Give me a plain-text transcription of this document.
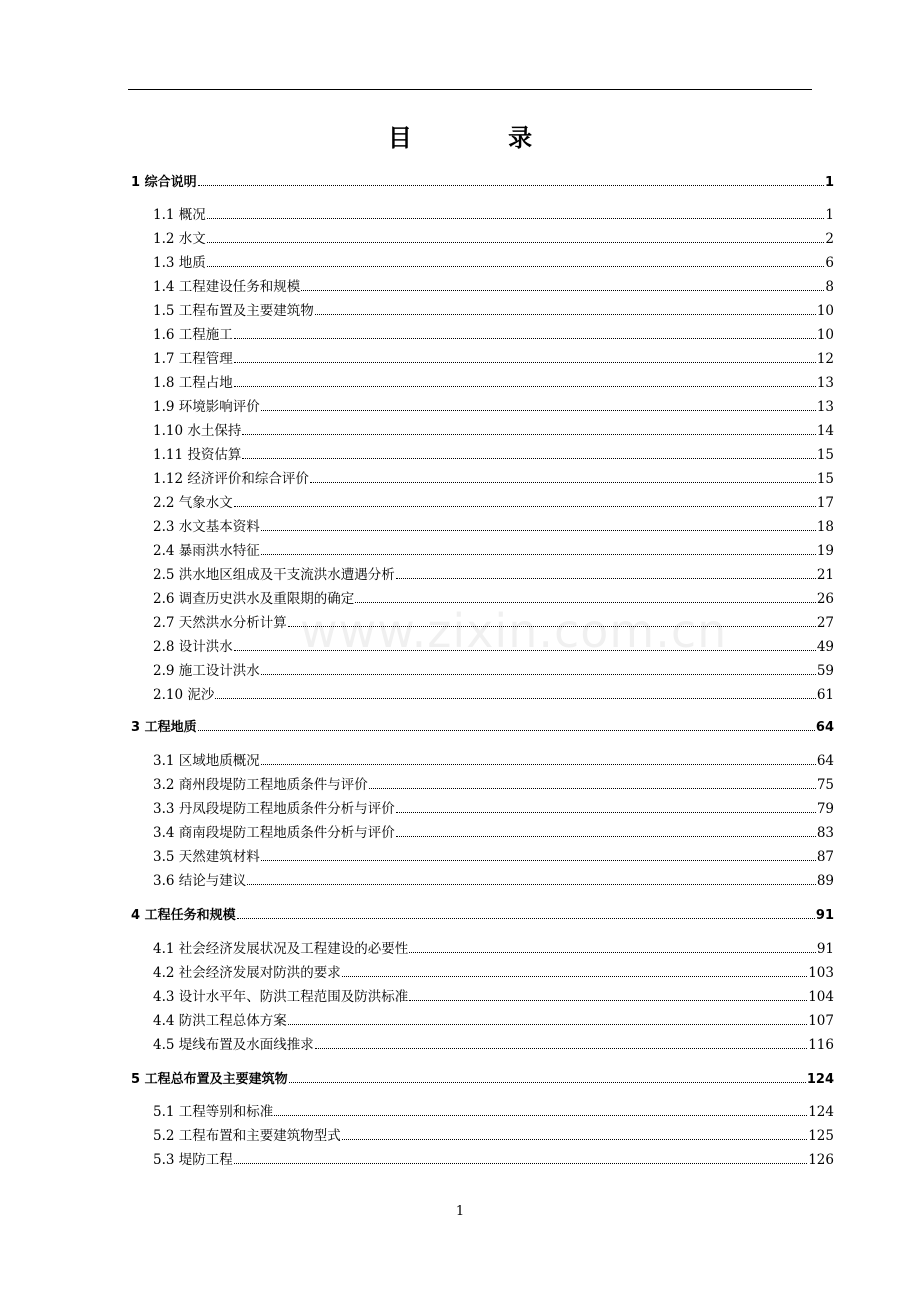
目 录
1 综合说明	1
1.1 概况	1
1.2 水文	2
1.3 地质	6
1.4 工程建设任务和规模	8
1.5 工程布置及主要建筑物	10
1.6 工程施工	10
1.7 工程管理	12
1.8 工程占地	13
1.9 环境影响评价	13
1.10 水土保持	14
1.11 投资估算	15
1.12 经济评价和综合评价	15
2.2 气象水文	17
2.3 水文基本资料	18
2.4 暴雨洪水特征	19
2.5 洪水地区组成及干支流洪水遭遇分析	21
2.6 调查历史洪水及重限期的确定	26
2.7 天然洪水分析计算	27
2.8 设计洪水	49
2.9 施工设计洪水	59
2.10 泥沙	61
3 工程地质	64
3.1 区域地质概况	64
3.2 商州段堤防工程地质条件与评价	75
3.3 丹凤段堤防工程地质条件分析与评价	79
3.4 商南段堤防工程地质条件分析与评价	83
3.5 天然建筑材料	87
3.6 结论与建议	89
4 工程任务和规模	91
4.1 社会经济发展状况及工程建设的必要性	91
4.2 社会经济发展对防洪的要求	103
4.3 设计水平年、防洪工程范围及防洪标准	104
4.4 防洪工程总体方案	107
4.5 堤线布置及水面线推求	116
5 工程总布置及主要建筑物	124
5.1 工程等别和标准	124
5.2 工程布置和主要建筑物型式	125
5.3 堤防工程	126
www.zixin.com.cn
1
